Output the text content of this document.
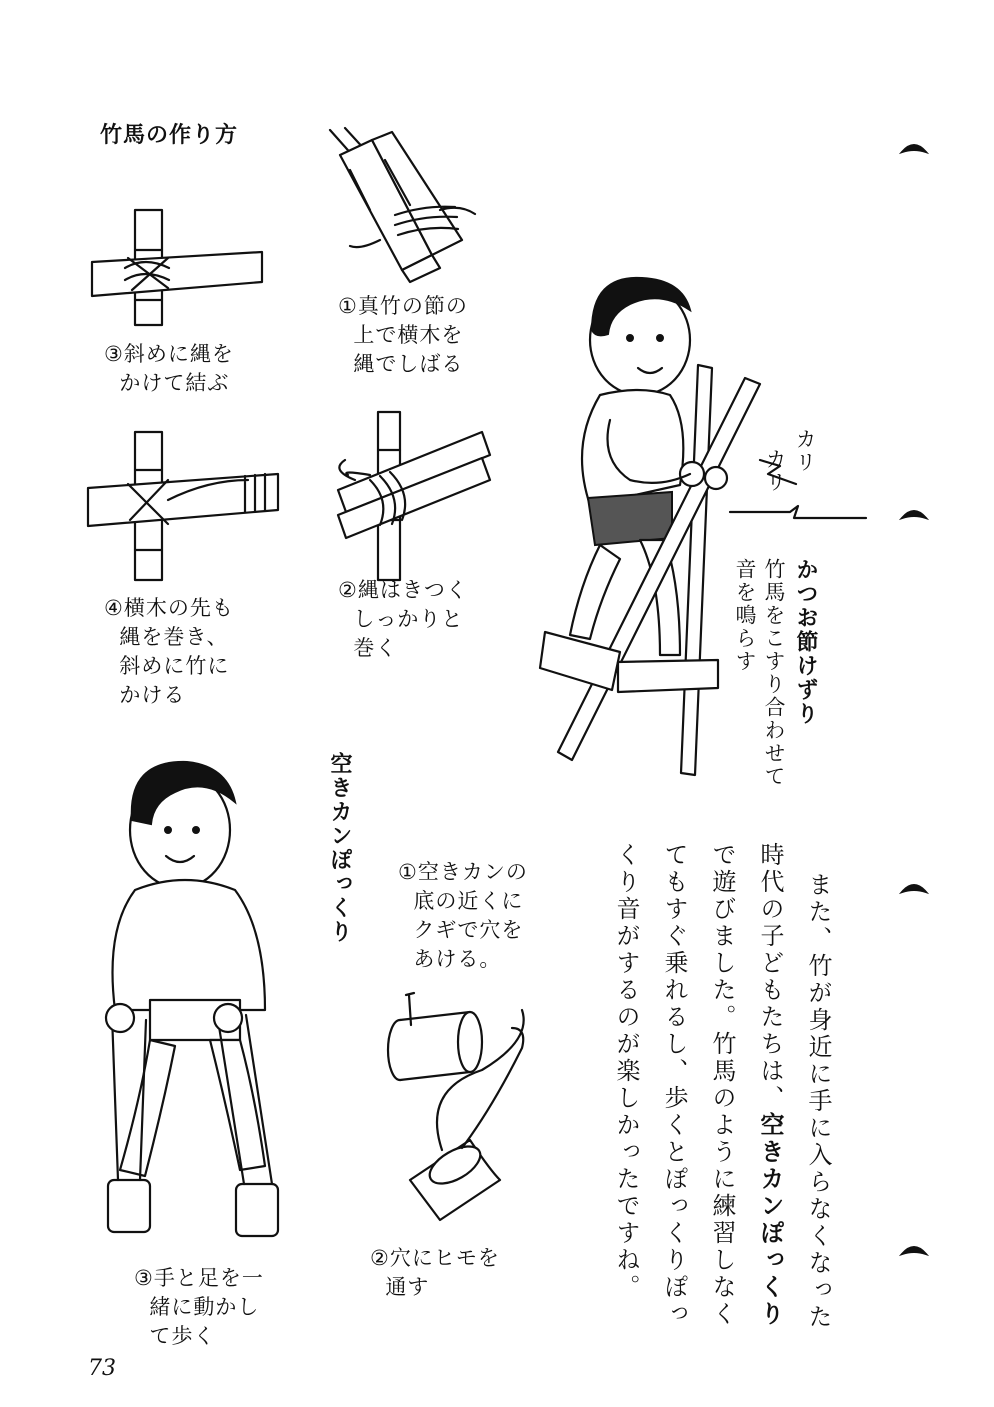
竹馬の作り方
①真竹の節の
上で横木を
縄でしばる
③斜めに縄を
かけて結ぶ
②縄はきつく
しっかりと
巻く
④横木の先も
縄を巻き、
斜めに竹に
かける	かつお節けずり
竹馬をこすり合わせて
音を鳴らす
カリ
カリ
空きカンぽっくり ①空きカンの
底の近くに
クギで穴を
あける。
②穴にヒモを
通す
③手と足を一
緒に動かし
て歩く
また、竹が身近に手に入らなくなった
時代の子どもたちは、空きカンぽっくり
で遊びました。竹馬のように練習しなく
てもすぐ乗れるし、歩くとぽっくりぽっ
くり音がするのが楽しかったですね。
73
